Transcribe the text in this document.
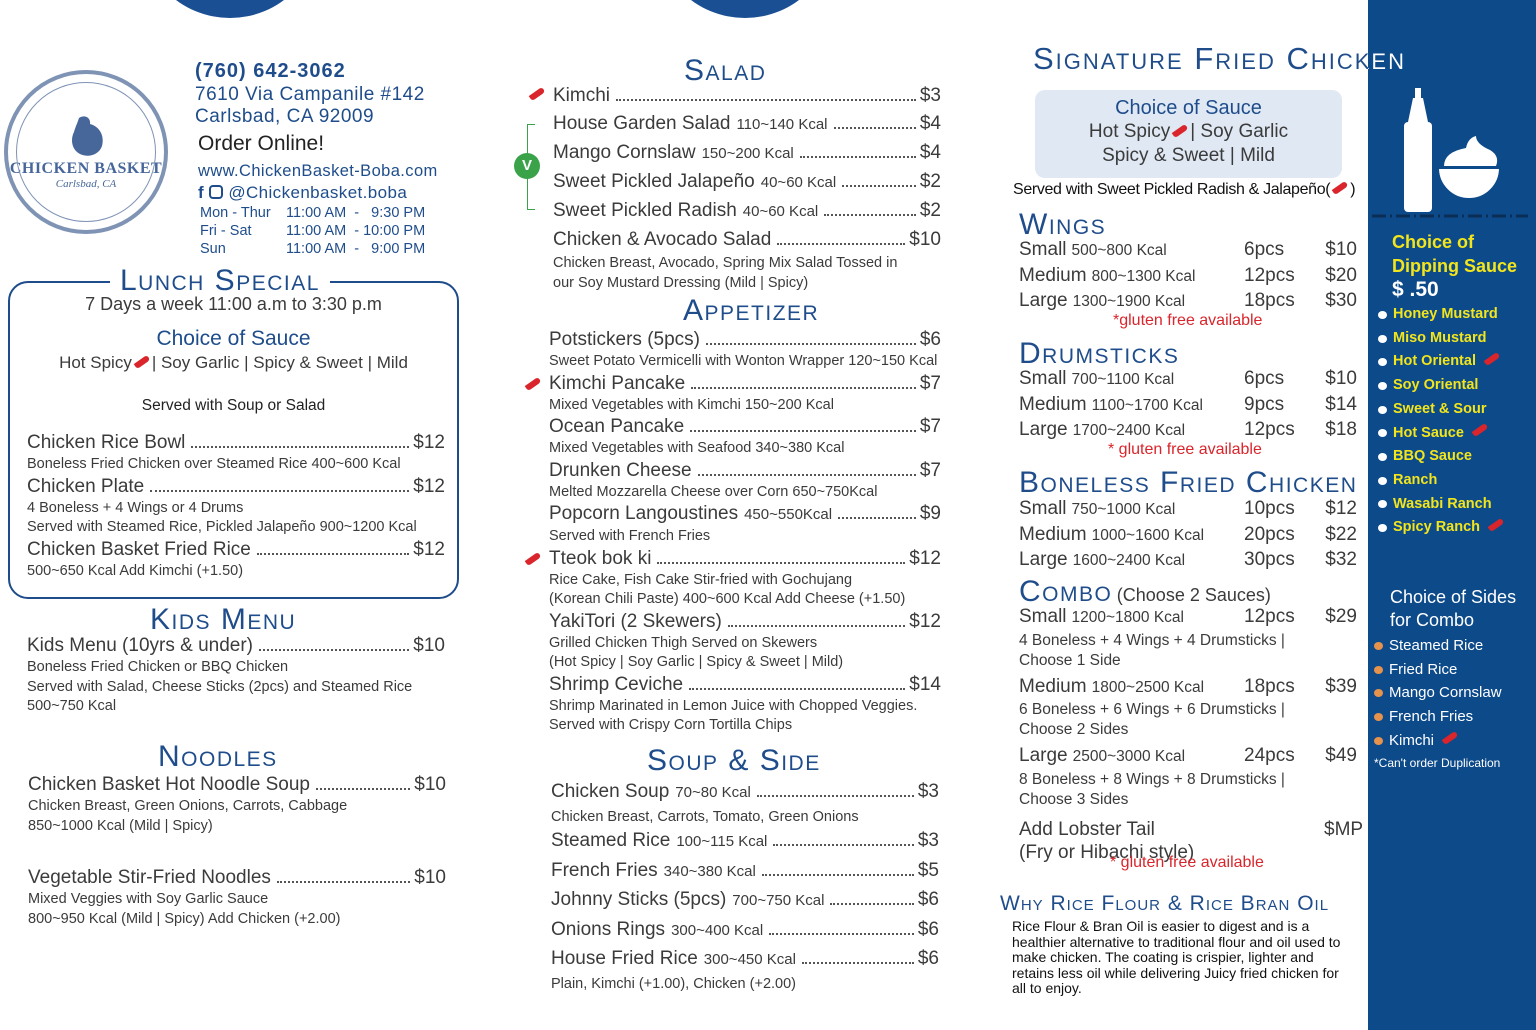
CHICKEN BASKET
Carlsbad, CA
(760) 642-3062
7610 Via Campanile #142
Carlsbad, CA 92009
Order Online!
www.ChickenBasket-Boba.com
f @Chickenbasket.boba
Mon - Thur	11:00 AM  -   9:30 PM
Fri - Sat	11:00 AM  - 10:00 PM
Sun	11:00 AM  -   9:00 PM
Lunch Special
7 Days a week 11:00 a.m to 3:30 p.m
Choice of Sauce
Hot Spicy | Soy Garlic | Spicy & Sweet | Mild
Served with Soup or Salad
Chicken Rice Bowl	$12
Boneless Fried Chicken over Steamed Rice 400~600 Kcal
Chicken Plate	$12
4 Boneless + 4 Wings or 4 Drums
Served with Steamed Rice, Pickled Jalapeño 900~1200 Kcal
Chicken Basket Fried Rice	$12
500~650 Kcal Add Kimchi (+1.50)
Kids Menu
Kids Menu (10yrs & under)	$10
Boneless Fried Chicken or BBQ Chicken
Served with Salad, Cheese Sticks (2pcs) and Steamed Rice
500~750 Kcal
Noodles
Chicken Basket Hot Noodle Soup	$10
Chicken Breast, Green Onions, Carrots, Cabbage
850~1000 Kcal (Mild | Spicy)
Vegetable Stir-Fried Noodles	$10
Mixed Veggies with Soy Garlic Sauce
800~950 Kcal (Mild | Spicy) Add Chicken (+2.00)
Salad
V
Kimchi	$3
House Garden Salad 110~140 Kcal	$4
Mango Cornslaw 150~200 Kcal	$4
Sweet Pickled Jalapeño 40~60 Kcal	$2
Sweet Pickled Radish 40~60 Kcal	$2
Chicken & Avocado Salad	$10
Chicken Breast, Avocado, Spring Mix Salad Tossed in
our Soy Mustard Dressing (Mild | Spicy)
Appetizer
Potstickers (5pcs)	$6
Sweet Potato Vermicelli with Wonton Wrapper 120~150 Kcal
Kimchi Pancake	$7
Mixed Vegetables with Kimchi 150~200 Kcal
Ocean Pancake	$7
Mixed Vegetables with Seafood 340~380 Kcal
Drunken Cheese	$7
Melted Mozzarella Cheese over Corn 650~750Kcal
Popcorn Langoustines 450~550Kcal	$9
Served with French Fries
Tteok bok ki	$12
Rice Cake, Fish Cake Stir-fried with Gochujang
(Korean Chili Paste) 400~600 Kcal Add Cheese (+1.50)
YakiTori (2 Skewers)	$12
Grilled Chicken Thigh Served on Skewers
(Hot Spicy | Soy Garlic | Spicy & Sweet | Mild)
Shrimp Ceviche	$14
Shrimp Marinated in Lemon Juice with Chopped Veggies.
Served with Crispy Corn Tortilla Chips
Soup & Side
Chicken Soup 70~80 Kcal	$3
Chicken Breast, Carrots, Tomato, Green Onions
Steamed Rice 100~115 Kcal	$3
French Fries 340~380 Kcal	$5
Johnny Sticks (5pcs) 700~750 Kcal	$6
Onions Rings 300~400 Kcal	$6
House Fried Rice 300~450 Kcal	$6
Plain, Kimchi (+1.00), Chicken (+2.00)
Signature Fried Chicken
Choice of Sauce
Hot Spicy | Soy Garlic
Spicy & Sweet | Mild
Served with Sweet Pickled Radish & Jalapeño( )
Wings
Small 500~800 Kcal	6pcs	$10
Medium 800~1300 Kcal	12pcs	$20
Large 1300~1900 Kcal	18pcs	$30
*gluten free available
Drumsticks
Small 700~1100 Kcal	6pcs	$10
Medium 1100~1700 Kcal	9pcs	$14
Large 1700~2400 Kcal	12pcs	$18
* gluten free available
Boneless Fried Chicken
Small 750~1000 Kcal	10pcs	$12
Medium 1000~1600 Kcal	20pcs	$22
Large 1600~2400 Kcal	30pcs	$32
Combo (Choose 2 Sauces)
Small 1200~1800 Kcal	12pcs	$29
4 Boneless + 4 Wings + 4 Drumsticks |
Choose 1 Side
Medium 1800~2500 Kcal	18pcs	$39
6 Boneless + 6 Wings + 6 Drumsticks |
Choose 2 Sides
Large 2500~3000 Kcal	24pcs	$49
8 Boneless + 8 Wings + 8 Drumsticks |
Choose 3 Sides
Add Lobster Tail	$MP
(Fry or Hibachi style)
* gluten free available
Why Rice Flour & Rice Bran Oil
Rice Flour & Bran Oil is easier to digest and is a healthier alternative to traditional flour and oil used to make chicken. The coating is crispier, lighter and retains less oil while delivering Juicy fried chicken for all to enjoy.
Choice of
Dipping Sauce
$ .50
Honey Mustard
Miso Mustard
Hot Oriental
Soy Oriental
Sweet & Sour
Hot Sauce
BBQ Sauce
Ranch
Wasabi Ranch
Spicy Ranch
Choice of Sides
for Combo
Steamed Rice
Fried Rice
Mango Cornslaw
French Fries
Kimchi
*Can't order Duplication
